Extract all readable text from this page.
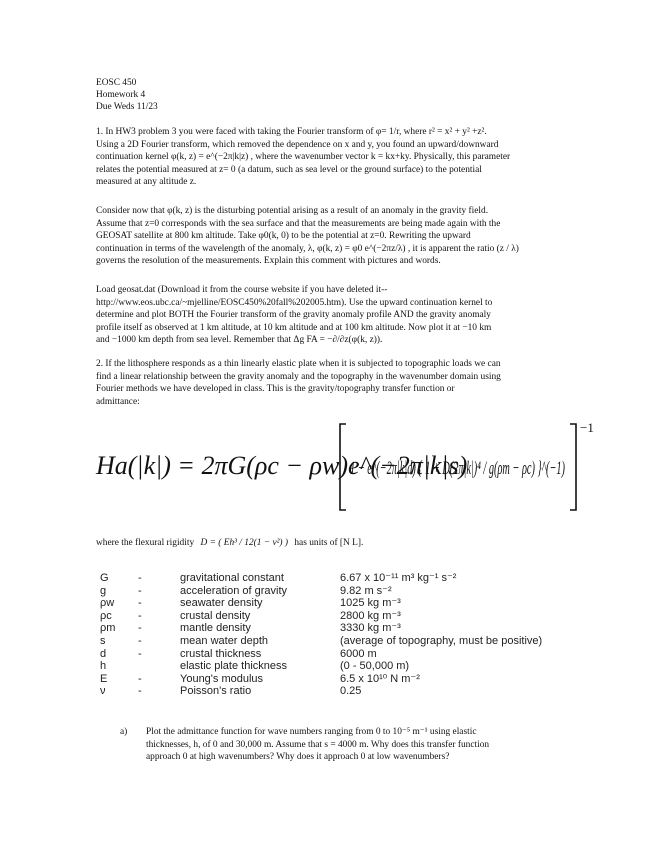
EOSC 450
Homework 4
Due Weds 11/23
1. In HW3 problem 3 you were faced with taking the Fourier transform of φ= 1/r, where r² = x² + y² +z².
Using a 2D Fourier transform, which removed the dependence on x and y, you found an upward/downward
continuation kernel φ(k, z) = e^(−2π|k|z) , where the wavenumber vector k = kx+ky. Physically, this parameter
relates the potential measured at z= 0 (a datum, such as sea level or the ground surface) to the potential
measured at any altitude z.
Consider now that φ(k, z) is the disturbing potential arising as a result of an anomaly in the gravity field.
Assume that z=0 corresponds with the sea surface and that the measurements are being made again with the
GEOSAT satellite at 800 km altitude. Take φ0(k, 0) to be the potential at z=0. Rewriting the upward
continuation in terms of the wavelength of the anomaly, λ, φ(k, z) = φ0 e^(−2πz/λ) , it is apparent the ratio (z / λ)
governs the resolution of the measurements. Explain this comment with pictures and words.
Load geosat.dat (Download it from the course website if you have deleted it--
http://www.eos.ubc.ca/~mjelline/EOSC450%20fall%202005.htm). Use the upward continuation kernel to
determine and plot BOTH the Fourier transform of the gravity anomaly profile AND the gravity anomaly
profile itself as observed at 1 km altitude, at 10 km altitude and at 100 km altitude. Now plot it at −10 km
and −1000 km depth from sea level. Remember that Δg FA = −∂/∂z(φ(k, z)).
2. If the lithosphere responds as a thin linearly elastic plate when it is subjected to topographic loads we can
find a linear relationship between the gravity anomaly and the topography in the wavenumber domain using
Fourier methods we have developed in class. This is the gravity/topography transfer function or
admittance:
Ha(|k|) = 2πG(ρc − ρw)e^(−2π|k|s)
−1
1 − e^(−2π|k|d) { 1 + D(2π|k|)⁴ / g(ρm − ρc) }^(−1)
where the flexural rigidity D = ( Eh³ / 12(1 − ν²) ) has units of [N L].
G	-	gravitational constant	6.67 x 10⁻¹¹ m³ kg⁻¹ s⁻²
g	-	acceleration of gravity	9.82 m s⁻²
ρw -	seawater density	1025 kg m⁻³
ρc -	crustal density	2800 kg m⁻³
ρm -	mantle density	3330 kg m⁻³
s	-	mean water depth	(average of topography, must be positive)
d	-	crustal thickness	6000 m
h	elastic plate thickness	(0 - 50,000 m)
E	-	Young's modulus	6.5 x 10¹⁰ N m⁻²
ν	-	Poisson's ratio	0.25
a) Plot the admittance function for wave numbers ranging from 0 to 10⁻⁵ m⁻¹ using elastic
thicknesses, h, of 0 and 30,000 m. Assume that s = 4000 m. Why does this transfer function
approach 0 at high wavenumbers? Why does it approach 0 at low wavenumbers?
